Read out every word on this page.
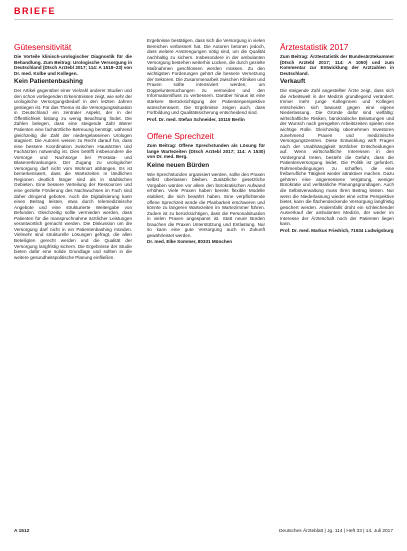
BRIEFE
Gütesensitivität

Die Vorteile klinisch-urologischer Diagnostik für die Behandlung. Zum Beitrag: Urologische Versorgung in Deutschland (Dtsch Arztebl 2017; 114: A 1518–23) von Dr. med. Kolbe und Kollegen.

Kein Patientenbashing

Der Artikel gegenüber einer Vielzahl anderer Studien und den schon vorliegenden Erkenntnissen zeigt, wie sehr der urologische Versorgungsbedarf in den letzten Jahren gestiegen ist. Für das Thema ist die Versorgungssituation in Deutschland ein zentraler Aspekt, der in der Öffentlichkeit bislang zu wenig Beachtung findet. Die Zahlen belegen, dass eine steigende Zahl älterer Patienten eine fachärztliche Betreuung benötigt, während gleichzeitig die Zahl der niedergelassenen Urologen stagniert. Die Autoren weisen zu Recht darauf hin, dass eine bessere Koordination zwischen Hausärzten und Fachärzten notwendig ist. Dies betrifft insbesondere die Vorsorge und Nachsorge bei Prostata- und Blasenerkrankungen. Der Zugang zu urologischer Versorgung darf nicht vom Wohnort abhängen. Es ist bemerkenswert, dass die Wartezeiten in ländlichen Regionen deutlich länger sind als in städtischen Gebieten. Eine bessere Verteilung der Ressourcen und eine gezielte Förderung des Nachwuchses im Fach sind daher dringend geboten. Auch die Digitalisierung kann einen Beitrag leisten, etwa durch telemedizinische Angebote und eine strukturierte Weitergabe von Befunden. Gleichzeitig sollte vermieden werden, dass Patienten für die Inanspruchnahme ärztlicher Leistungen verantwortlich gemacht werden. Die Diskussion um die Versorgung darf nicht in ein Patientenbashing münden. Vielmehr sind strukturelle Lösungen gefragt, die allen Beteiligten gerecht werden und die Qualität der Versorgung langfristig sichern. Die Ergebnisse der Studie bieten dafür eine solide Grundlage und sollten in die weitere gesundheitspolitische Planung einfließen.

Ergebnisse bestätigen, dass sich die Versorgung in vielen Bereichen verbessert hat. Die Autoren betonen jedoch, dass weitere Anstrengungen nötig sind, um die Qualität nachhaltig zu sichern. Insbesondere in der ambulanten Versorgung bestehen weiterhin Lücken, die durch gezielte Maßnahmen geschlossen werden müssen. Zu den wichtigsten Forderungen gehört die bessere Vernetzung der Sektoren. Die Zusammenarbeit zwischen Kliniken und Praxen sollte intensiviert werden, um Doppeluntersuchungen zu vermeiden und den Informationsfluss zu verbessern. Darüber hinaus ist eine stärkere Berücksichtigung der Patientenperspektive wünschenswert. Die Ergebnisse zeigen auch, dass Fortbildung und Qualitätssicherung entscheidend sind.

Prof. Dr. med. Stefan Schneider, 10115 Berlin

Offene Sprechzeit

Zum Beitrag: Offene Sprechstunden als Lösung für lange Wartezeiten (Dtsch Arztebl 2017; 114: A 1530) von Dr. med. Berg.

Keine neuen Bürden

Wie Sprechstunden organisiert werden, sollte den Praxen selbst überlassen bleiben. Zusätzliche gesetzliche Vorgaben würden vor allem den bürokratischen Aufwand erhöhen. Viele Praxen haben bereits flexible Modelle etabliert, die sich bewährt haben. Eine verpflichtende offene Sprechzeit würde die Planbarkeit erschweren und könnte zu längeren Wartezeiten im Wartezimmer führen. Zudem ist zu berücksichtigen, dass die Personalsituation in vielen Praxen angespannt ist. Statt neuer Bürden brauchen die Praxen Unterstützung und Entlastung. Nur so kann eine gute Versorgung auch in Zukunft gewährleistet werden.

Dr. med. Elke Sommer, 80331 München

Ärztestatistik 2017

Zum Beitrag: Ärztestatistik der Bundesärztekammer (Dtsch Arztebl 2017; 114: A 1050) und zum Kommentar zur Entwicklung der Arztzahlen in Deutschland.

Verkauft

Die steigende Zahl angestellter Ärzte zeigt, dass sich die Arbeitswelt in der Medizin grundlegend verändert. Immer mehr junge Kolleginnen und Kollegen entscheiden sich bewusst gegen eine eigene Niederlassung. Die Gründe dafür sind vielfältig: wirtschaftliche Risiken, bürokratische Belastungen und der Wunsch nach geregelten Arbeitszeiten spielen eine wichtige Rolle. Gleichzeitig übernehmen Investoren zunehmend Praxen und medizinische Versorgungszentren. Diese Entwicklung wirft Fragen nach der Unabhängigkeit ärztlicher Entscheidungen auf. Wenn wirtschaftliche Interessen in den Vordergrund treten, besteht die Gefahr, dass die Patientenversorgung leidet. Die Politik ist gefordert, Rahmenbedingungen zu schaffen, die eine freiberufliche Tätigkeit wieder attraktiver machen. Dazu gehören eine angemessene Vergütung, weniger Bürokratie und verlässliche Planungsgrundlagen. Auch die Selbstverwaltung muss ihren Beitrag leisten. Nur wenn die Niederlassung wieder eine echte Perspektive bietet, kann die flächendeckende Versorgung langfristig gesichert werden. Andernfalls droht ein schleichender Ausverkauf der ambulanten Medizin, der weder im Interesse der Ärzteschaft noch der Patienten liegen kann.

Prof. Dr. med. Markus Friedrich, 71634 Ludwigsburg

A 1512	Deutsches Ärzteblatt | Jg. 114 | Heft 33 | 14. Juli 2017
